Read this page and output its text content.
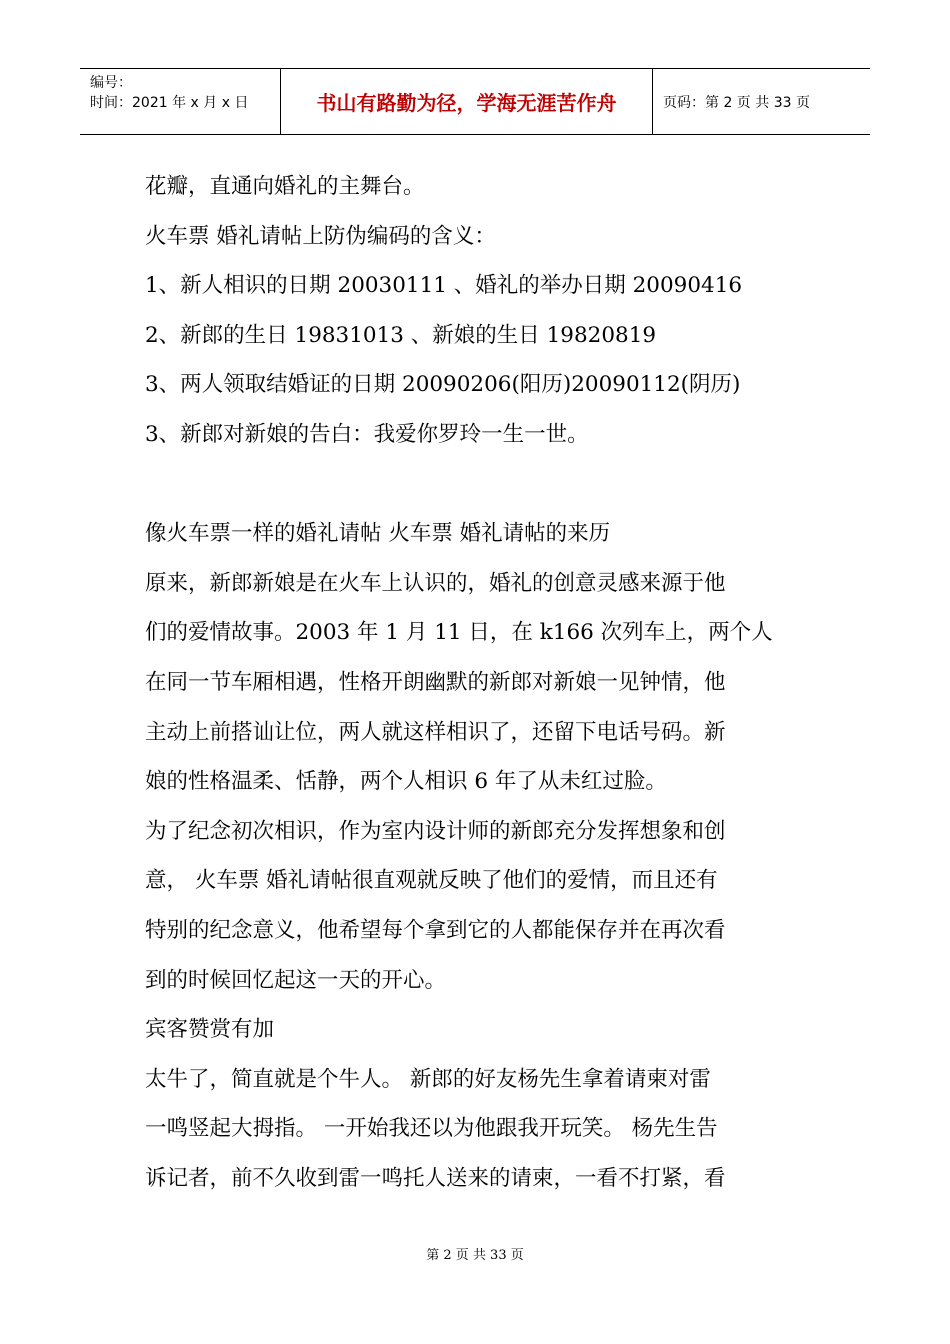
编号：
时间：2021 年 x 月 x 日	书山有路勤为径，学海无涯苦作舟	页码：第 2 页 共 33 页
花瓣，直通向婚礼的主舞台。
火车票 婚礼请帖上防伪编码的含义：
1、新人相识的日期 20030111 、婚礼的举办日期 20090416
2、新郎的生日 19831013 、新娘的生日 19820819
3、两人领取结婚证的日期 20090206(阳历)20090112(阴历)
3、新郎对新娘的告白：我爱你罗玲一生一世。
像火车票一样的婚礼请帖 火车票 婚礼请帖的来历
原来，新郎新娘是在火车上认识的，婚礼的创意灵感来源于他
们的爱情故事。2003 年 1 月 11 日，在 k166 次列车上，两个人
在同一节车厢相遇，性格开朗幽默的新郎对新娘一见钟情，他
主动上前搭讪让位，两人就这样相识了，还留下电话号码。新
娘的性格温柔、恬静，两个人相识 6 年了从未红过脸。
为了纪念初次相识，作为室内设计师的新郎充分发挥想象和创
意， 火车票 婚礼请帖很直观就反映了他们的爱情，而且还有
特别的纪念意义，他希望每个拿到它的人都能保存并在再次看
到的时候回忆起这一天的开心。
宾客赞赏有加
太牛了，简直就是个牛人。 新郎的好友杨先生拿着请柬对雷
一鸣竖起大拇指。 一开始我还以为他跟我开玩笑。 杨先生告
诉记者，前不久收到雷一鸣托人送来的请柬，一看不打紧，看
第 2 页 共 33 页
